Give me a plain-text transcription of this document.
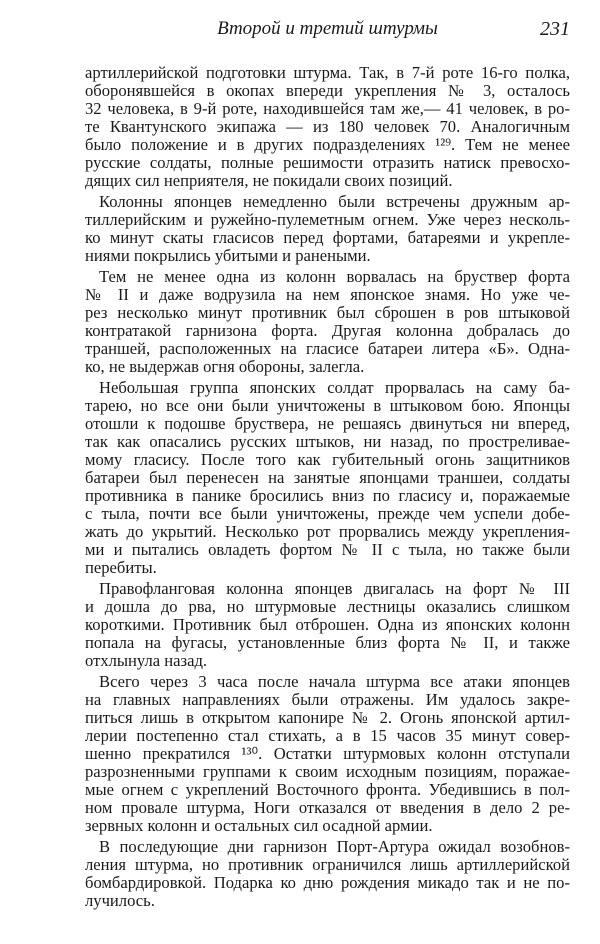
Второй и третий штурмы	231
артиллерийской подготовки штурма. Так, в 7-й роте 16-го полка,
оборонявшейся в окопах впереди укрепления № 3, осталось
32 человека, в 9-й роте, находившейся там же,— 41 человек, в ро-
те Квантунского экипажа — из 180 человек 70. Аналогичным
было положение и в других подразделениях ¹²⁹. Тем не менее
русские солдаты, полные решимости отразить натиск превосхо-
дящих сил неприятеля, не покидали своих позиций.
Колонны японцев немедленно были встречены дружным ар-
тиллерийским и ружейно-пулеметным огнем. Уже через несколь-
ко минут скаты гласисов перед фортами, батареями и укрепле-
ниями покрылись убитыми и ранеными.
Тем не менее одна из колонн ворвалась на бруствер форта
№ II и даже водрузила на нем японское знамя. Но уже че-
рез несколько минут противник был сброшен в ров штыковой
контратакой гарнизона форта. Другая колонна добралась до
траншей, расположенных на гласисе батареи литера «Б». Одна-
ко, не выдержав огня обороны, залегла.
Небольшая группа японских солдат прорвалась на саму ба-
тарею, но все они были уничтожены в штыковом бою. Японцы
отошли к подошве бруствера, не решаясь двинуться ни вперед,
так как опасались русских штыков, ни назад, по простреливае-
мому гласису. После того как губительный огонь защитников
батареи был перенесен на занятые японцами траншеи, солдаты
противника в панике бросились вниз по гласису и, поражаемые
с тыла, почти все были уничтожены, прежде чем успели добе-
жать до укрытий. Несколько рот прорвались между укрепления-
ми и пытались овладеть фортом № II с тыла, но также были
перебиты.
Правофланговая колонна японцев двигалась на форт № III
и дошла до рва, но штурмовые лестницы оказались слишком
короткими. Противник был отброшен. Одна из японских колонн
попала на фугасы, установленные близ форта № II, и также
отхлынула назад.
Всего через 3 часа после начала штурма все атаки японцев
на главных направлениях были отражены. Им удалось закре-
питься лишь в открытом капонире № 2. Огонь японской артил-
лерии постепенно стал стихать, а в 15 часов 35 минут совер-
шенно прекратился ¹³⁰. Остатки штурмовых колонн отступали
разрозненными группами к своим исходным позициям, поражае-
мые огнем с укреплений Восточного фронта. Убедившись в пол-
ном провале штурма, Ноги отказался от введения в дело 2 ре-
зервных колонн и остальных сил осадной армии.
В последующие дни гарнизон Порт-Артура ожидал возобнов-
ления штурма, но противник ограничился лишь артиллерийской
бомбардировкой. Подарка ко дню рождения микадо так и не по-
лучилось.
